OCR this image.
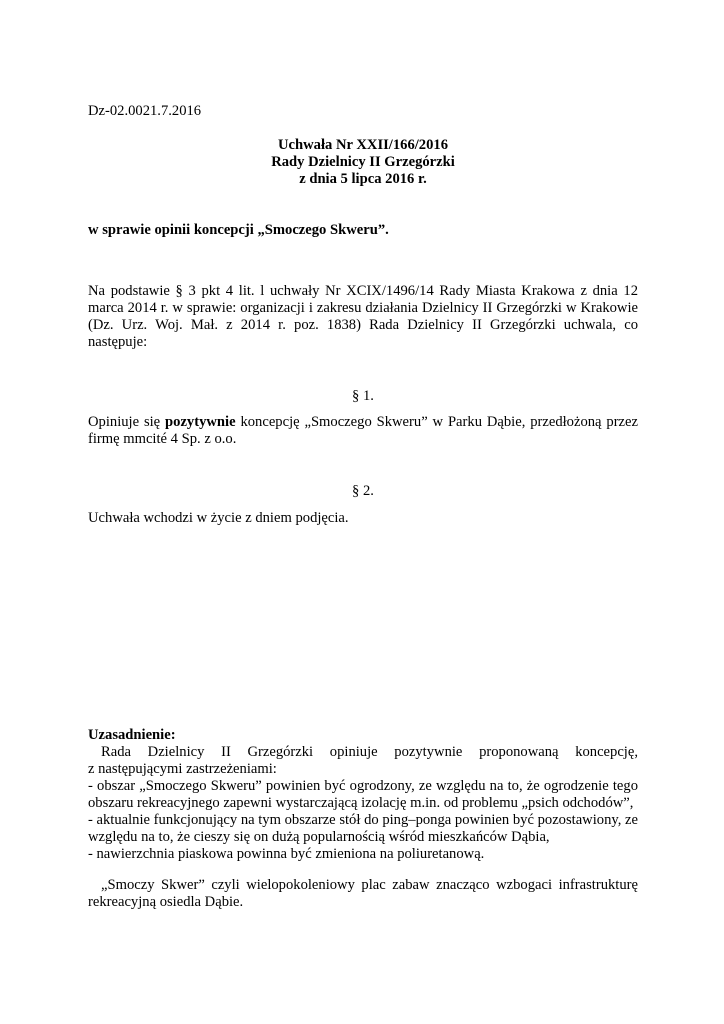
Dz-02.0021.7.2016

Uchwała Nr XXII/166/2016

Rady Dzielnicy II Grzegórzki

z dnia 5 lipca 2016 r.

w sprawie opinii koncepcji „Smoczego Skweru”.

Na podstawie § 3 pkt 4 lit. l uchwały Nr XCIX/1496/14 Rady Miasta Krakowa z dnia 12

marca 2014 r. w sprawie: organizacji i zakresu działania Dzielnicy II Grzegórzki w Krakowie

(Dz. Urz. Woj. Mał. z 2014 r. poz. 1838) Rada Dzielnicy II Grzegórzki uchwala, co

następuje:

§ 1.

Opiniuje się pozytywnie koncepcję „Smoczego Skweru” w Parku Dąbie, przedłożoną przez

firmę mmcité 4 Sp. z o.o.

§ 2.

Uchwała wchodzi w życie z dniem podjęcia.

Uzasadnienie:

Rada Dzielnicy II Grzegórzki opiniuje pozytywnie proponowaną koncepcję,

z następującymi zastrzeżeniami:

- obszar „Smoczego Skweru” powinien być ogrodzony, ze względu na to, że ogrodzenie tego

obszaru rekreacyjnego zapewni wystarczającą izolację m.in. od problemu „psich odchodów”,

- aktualnie funkcjonujący na tym obszarze stół do ping–ponga powinien być pozostawiony, ze

względu na to, że cieszy się on dużą popularnością wśród mieszkańców Dąbia,

- nawierzchnia piaskowa powinna być zmieniona na poliuretanową.

„Smoczy Skwer” czyli wielopokoleniowy plac zabaw znacząco wzbogaci infrastrukturę

rekreacyjną osiedla Dąbie.
